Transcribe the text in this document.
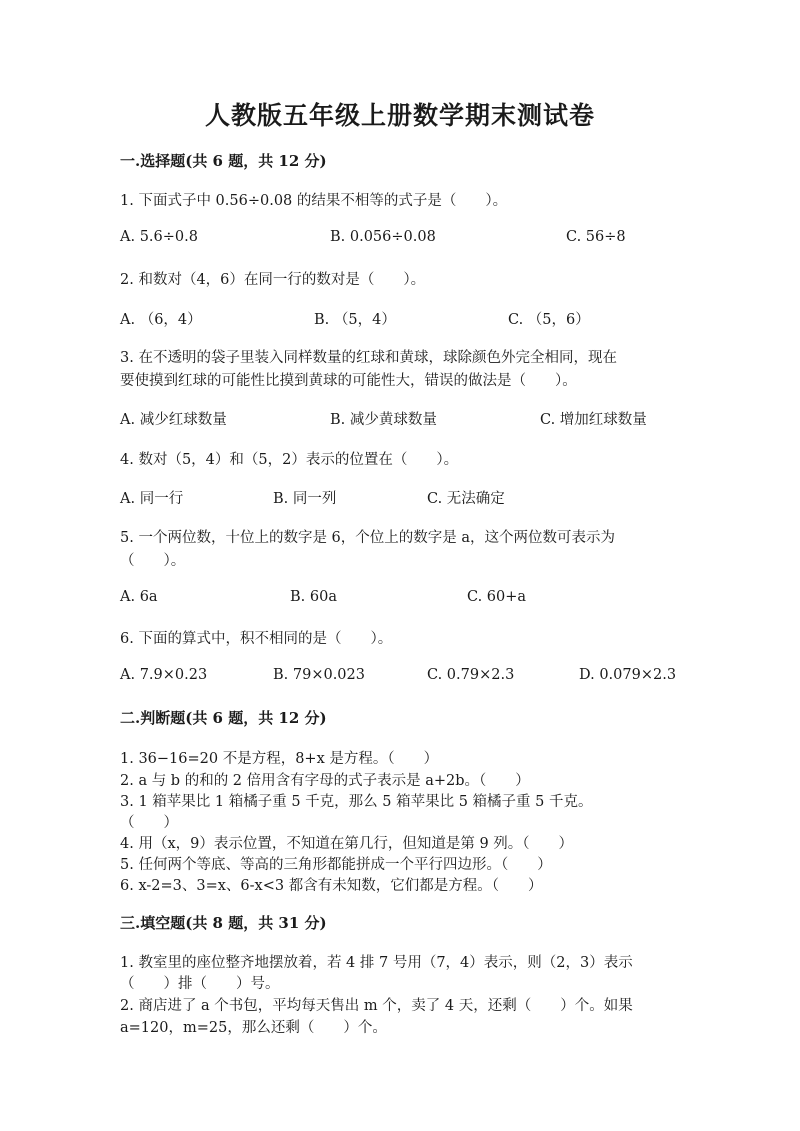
人教版五年级上册数学期末测试卷
一.选择题(共 6 题，共 12 分)
1. 下面式子中 0.56÷0.08 的结果不相等的式子是（　　）。
A. 5.6÷0.8	B. 0.056÷0.08	C. 56÷8
2. 和数对（4，6）在同一行的数对是（　　）。
A. （6，4）	B. （5，4）	C. （5，6）
3. 在不透明的袋子里装入同样数量的红球和黄球，球除颜色外完全相同，现在
要使摸到红球的可能性比摸到黄球的可能性大，错误的做法是（　　）。
A. 减少红球数量	B. 减少黄球数量	C. 增加红球数量
4. 数对（5，4）和（5，2）表示的位置在（　　）。
A. 同一行	B. 同一列	C. 无法确定
5. 一个两位数，十位上的数字是 6，个位上的数字是 a，这个两位数可表示为
（　　）。
A. 6a	B. 60a	C. 60+a
6. 下面的算式中，积不相同的是（　　）。
A. 7.9×0.23	B. 79×0.023	C. 0.79×2.3	D. 0.079×2.3
二.判断题(共 6 题，共 12 分)
1. 36−16=20 不是方程，8+x 是方程。（　　）
2. a 与 b 的和的 2 倍用含有字母的式子表示是 a+2b。（　　）
3. 1 箱苹果比 1 箱橘子重 5 千克，那么 5 箱苹果比 5 箱橘子重 5 千克。
（　　）
4. 用（x，9）表示位置，不知道在第几行，但知道是第 9 列。（　　）
5. 任何两个等底、等高的三角形都能拼成一个平行四边形。（　　）
6. x-2=3、3=x、6-x<3 都含有未知数，它们都是方程。（　　）
三.填空题(共 8 题，共 31 分)
1. 教室里的座位整齐地摆放着，若 4 排 7 号用（7，4）表示，则（2，3）表示
（　　）排（　　）号。
2. 商店进了 a 个书包，平均每天售出 m 个，卖了 4 天，还剩（　　）个。如果
a=120，m=25，那么还剩（　　）个。
